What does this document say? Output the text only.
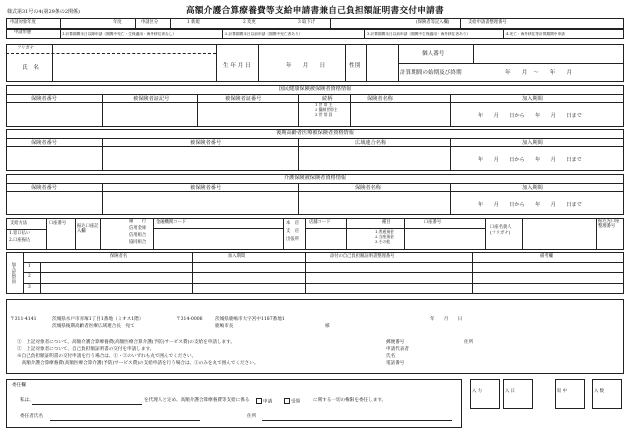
様式第31号の4(第29条の2関係)	高額介護合算療養費等支給申請書兼自己負担額証明書交付申請書
申請対象年度	年度	申請区分	1 新規	2 変更	3 取下げ	(保険者等記入欄)	支給申請書整理番号
申請形態	1.計算期間末日以降申請（期間中死亡・生保適用・海外移住者なし）	2.計算期間末日以前申請（期間中死亡者あり）	3.計算期間末日以前申請（期間中生保適用・海外移住者あり）	4.死亡・海外移住等計算期間中申請
フリガナ
氏　名	生 年 月 日	年　　月　　日	性別
個人番号
計算期間の始期及び終期	年　　月　～　　年　　月
国民健康保険被保険者資格情報
保険者番号	被保険者証記号	被保険者証番号	続柄
1 世 帯 主
2 擬制世帯主
3 世 帯 員
保険者名称	加入期間
年　　月　　日から　　年　　月　　日まで
後期高齢者医療被保険者資格情報
保険者番号	被保険者番号	広域連合名称	加入期間
年　　月　　日から　　年　　月　　日まで
介護保険被保険者資格情報
保険者番号	被保険者番号	保険者名称	加入期間
年　　月　　日から　　年　　月　　日まで
支給方法
1.窓口払い
2.口座振込
口座番号
振込口座記入欄
銀　　行
信用金庫
信用組合
協同組合
金融機関コード	本　店
支　店
出張所
店舗コード	種目
1.普通預金
2.当座預金
3.その他
口座番号
口座名義人
(フリガナ)
振込先口座整理番号
加入世帯員
保険者名	加入期間	添付の自己負担額証明書整理番号	備考欄
1
2
3
〒311-4141	茨城県水戸市赤塚1丁目1番地（ミオス1階）
茨城県後期高齢者医療広域連合長　宛て
〒314-0006	茨城県鹿嶋市大字宮中1187番地1
鹿嶋市長	様
年　　月　　日
①　上記対象者について、高額介護合算療養費(高額医療合算介護(予防)サービス費)の支給を申請します。
②　上記対象者について、自己負担額証明書の交付を申請します。
※自己負担額証明書の交付申請を行う場合は、①・②のいずれも丸で囲んでください。
　高額介護合算療養費(高額医療合算介護(予防)サービス費)の支給申請を行う場合は、①のみを丸で囲んでください。
郵便番号	住所
申請代表者
氏名
電話番号
委任欄
私は、	を代理人と定め、高額介護合算療養費等支給に係る	申請	受領	に関する一切の権限を委任します。
委任者氏名	住所
入 力	入 日	収 中	入 数
